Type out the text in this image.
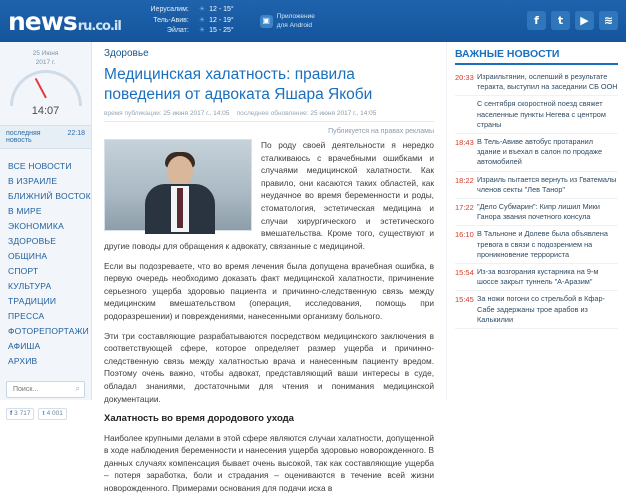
news ru.co.il
Иерусалим:	☀ 12 - 15°
Тель-Авив:	☀ 12 - 19°
Эйлат:	☀ 15 - 25°
▣	Приложение
для Android	f	t	▶	≋
25 Июня
2017 г.
14:07
последняя новость
22:18
ВСЕ НОВОСТИ
В ИЗРАИЛЕ
БЛИЖНИЙ ВОСТОК
В МИРЕ
ЭКОНОМИКА
ЗДОРОВЬЕ
ОБЩИНА
СПОРТ
КУЛЬТУРА
ТРАДИЦИИ
ПРЕССА
ФОТОРЕПОРТАЖИ
АФИША
АРХИВ
Поиск...
⌕
f 3 717 t 4 001
Здоровье
Медицинская халатность: правила поведения от адвоката Яшара Якоби
время публикации: 25 июня 2017 г., 14:05 последнее обновление: 25 июня 2017 г., 14:05
Публикуется на правах рекламы

По роду своей деятельности я нередко сталкиваюсь с врачебными ошибками и случаями медицинской халатности. Как правило, они касаются таких областей, как неудачное во время беременности и роды, стоматология, эстетическая медицина и случаи хирургического и эстетического вмешательства. Кроме того, существуют и другие поводы для обращения к адвокату, связанные с медициной.

Если вы подозреваете, что во время лечения была допущена врачебная ошибка, в первую очередь необходимо доказать факт медицинской халатности, причинение серьезного ущерба здоровью пациента и причинно-следственную связь между медицинским вмешательством (операция, исследования, помощь при родоразрешении) и повреждениями, нанесенными организму больного.

Эти три составляющие разрабатываются посредством медицинского заключения в соответствующей сфере, которое определяет размер ущерба и причинно-следственную связь между халатностью врача и нанесенным пациенту вредом. Поэтому очень важно, чтобы адвокат, представляющий ваши интересы в суде, обладал знаниями, достаточными для чтения и понимания медицинской документации.

Халатность во время дородового ухода

Наиболее крупными делами в этой сфере являются случаи халатности, допущенной в ходе наблюдения беременности и нанесения ущерба здоровью новорожденного. В данных случаях компенсация бывает очень высокой, так как составляющие ущерба – потеря заработка, боли и страдания – оцениваются в течение всей жизни новорожденного. Примерами основания для подачи иска в

ВАЖНЫЕ НОВОСТИ
20:33 Израильтянин, ослепший в результате теракта, выступил на заседании СБ ООН
С сентября скоростной поезд свяжет населенные пункты Негева с центром страны
18:43 В Тель-Авиве автобус протаранил здание и въехал в салон по продаже автомобилей
18:22 Израиль пытается вернуть из Гватемалы членов секты "Лев Танор"
17:22 "Дело Субмарин": Кипр лишил Мики Ганора звания почетного консула
16:10 В Тальноне и Долеве была объявлена тревога в связи с подозрением на проникновение террориста
15:54 Из-за возгорания кустарника на 9-м шоссе закрыт туннель "А-Аразим"
15:45 За ножи погони со стрельбой в Кфар-Сабе задержаны трое арабов из Калькилии
